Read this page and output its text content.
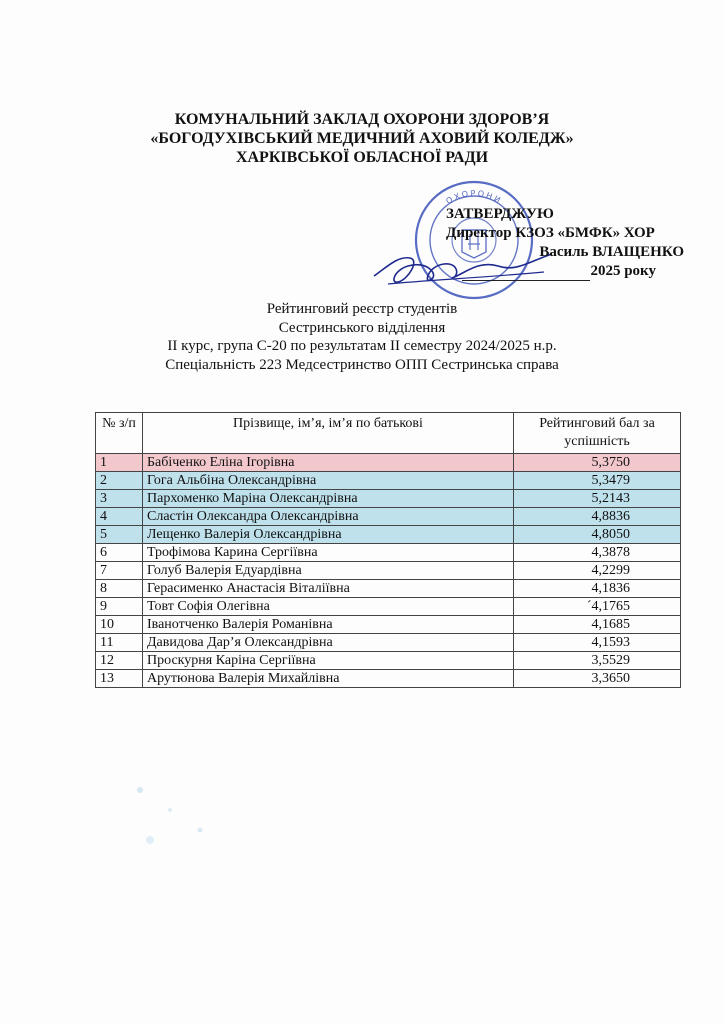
КОМУНАЛЬНИЙ ЗАКЛАД ОХОРОНИ ЗДОРОВ’Я
«БОГОДУХІВСЬКИЙ МЕДИЧНИЙ АХОВИЙ КОЛЕДЖ»
ХАРКІВСЬКОЇ ОБЛАСНОЇ РАДИ
ОХОРОНИ
ЗАТВЕРДЖУЮ
Директор КЗОЗ «БМФК» ХОР
Василь ВЛАЩЕНКО
2025 року
Рейтинговий реєстр студентів
Сестринського відділення
ІІ курс, група С-20 по результатам ІІ семестру 2024/2025 н.р.
Спеціальність 223 Медсестринство ОПП Сестринська справа
№ з/п	Прізвище, ім’я, ім’я по батькові	Рейтинговий бал за успішність
1	Бабіченко Еліна Ігорівна	5,3750
2	Гога Альбіна Олександрівна	5,3479
3	Пархоменко Маріна Олександрівна	5,2143
4	Сластін Олександра Олександрівна	4,8836
5	Лещенко Валерія Олександрівна	4,8050
6	Трофімова Карина Сергіївна	4,3878
7	Голуб Валерія Едуардівна	4,2299
8	Герасименко Анастасія Віталіївна	4,1836
9	Товт Софія Олегівна	´4,1765
10	Іванотченко Валерія Романівна	4,1685
11	Давидова Дар’я Олександрівна	4,1593
12	Проскурня Каріна Сергіївна	3,5529
13	Арутюнова Валерія Михайлівна	3,3650
